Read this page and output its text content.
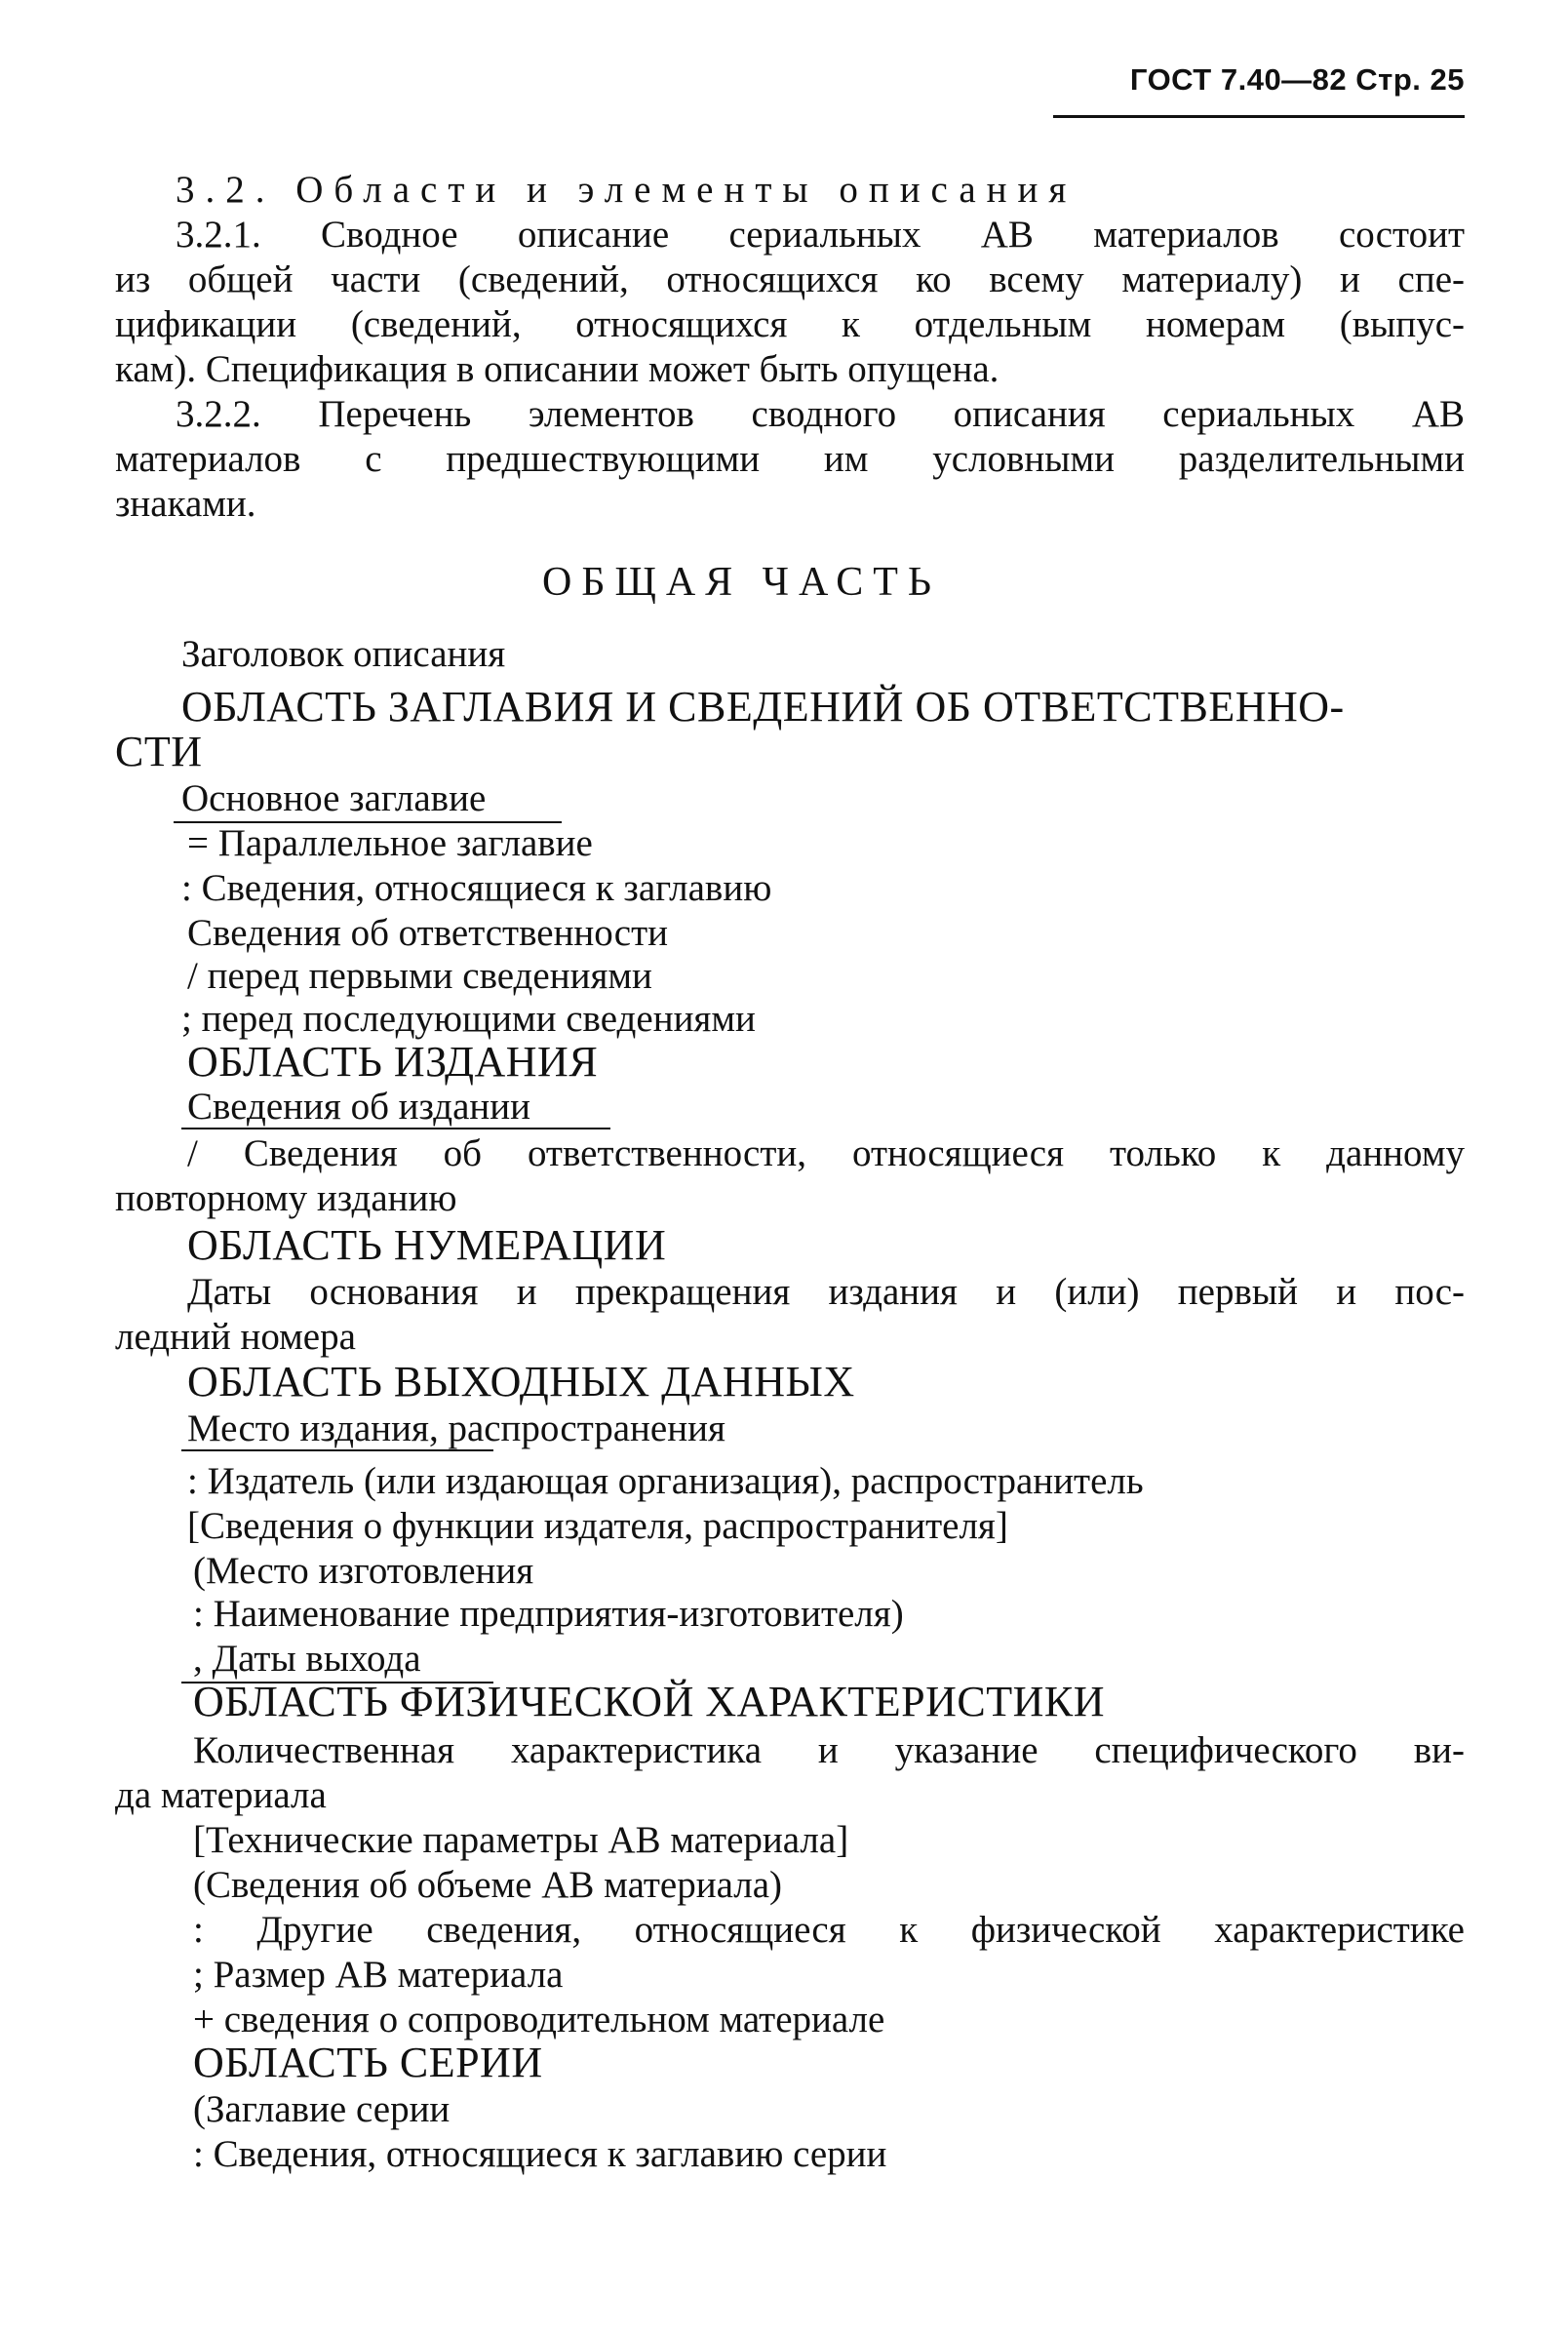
ГОСТ 7.40—82 Стр. 25
3.2. Области и элементы описания
3.2.1. Сводное описание сериальных АВ материалов состоит
из общей части (сведений, относящихся ко всему материалу) и спе-
цификации (сведений, относящихся к отдельным номерам (выпус-
кам). Спецификация в описании может быть опущена.
3.2.2. Перечень элементов сводного описания сериальных АВ
материалов с предшествующими им условными разделительными
знаками.
ОБЩАЯ ЧАСТЬ
Заголовок описания
ОБЛАСТЬ ЗАГЛАВИЯ И СВЕДЕНИЙ ОБ ОТВЕТСТВЕННО-
СТИ
Основное заглавие
= Параллельное заглавие
: Сведения, относящиеся к заглавию
Сведения об ответственности
/ перед первыми сведениями
; перед последующими сведениями
ОБЛАСТЬ ИЗДАНИЯ
Сведения об издании
/ Сведения об ответственности, относящиеся только к данному
повторному изданию
ОБЛАСТЬ НУМЕРАЦИИ
Даты основания и прекращения издания и (или) первый и пос-
ледний номера
ОБЛАСТЬ ВЫХОДНЫХ ДАННЫХ
Место издания, распространения
: Издатель (или издающая организация), распространитель
[Сведения о функции издателя, распространителя]
(Место изготовления
: Наименование предприятия-изготовителя)
, Даты выхода
ОБЛАСТЬ ФИЗИЧЕСКОЙ ХАРАКТЕРИСТИКИ
Количественная характеристика и указание специфического ви-
да материала
[Технические параметры АВ материала]
(Сведения об объеме АВ материала)
: Другие сведения, относящиеся к физической характеристике
; Размер АВ материала
+ сведения о сопроводительном материале
ОБЛАСТЬ СЕРИИ
(Заглавие серии
: Сведения, относящиеся к заглавию серии
